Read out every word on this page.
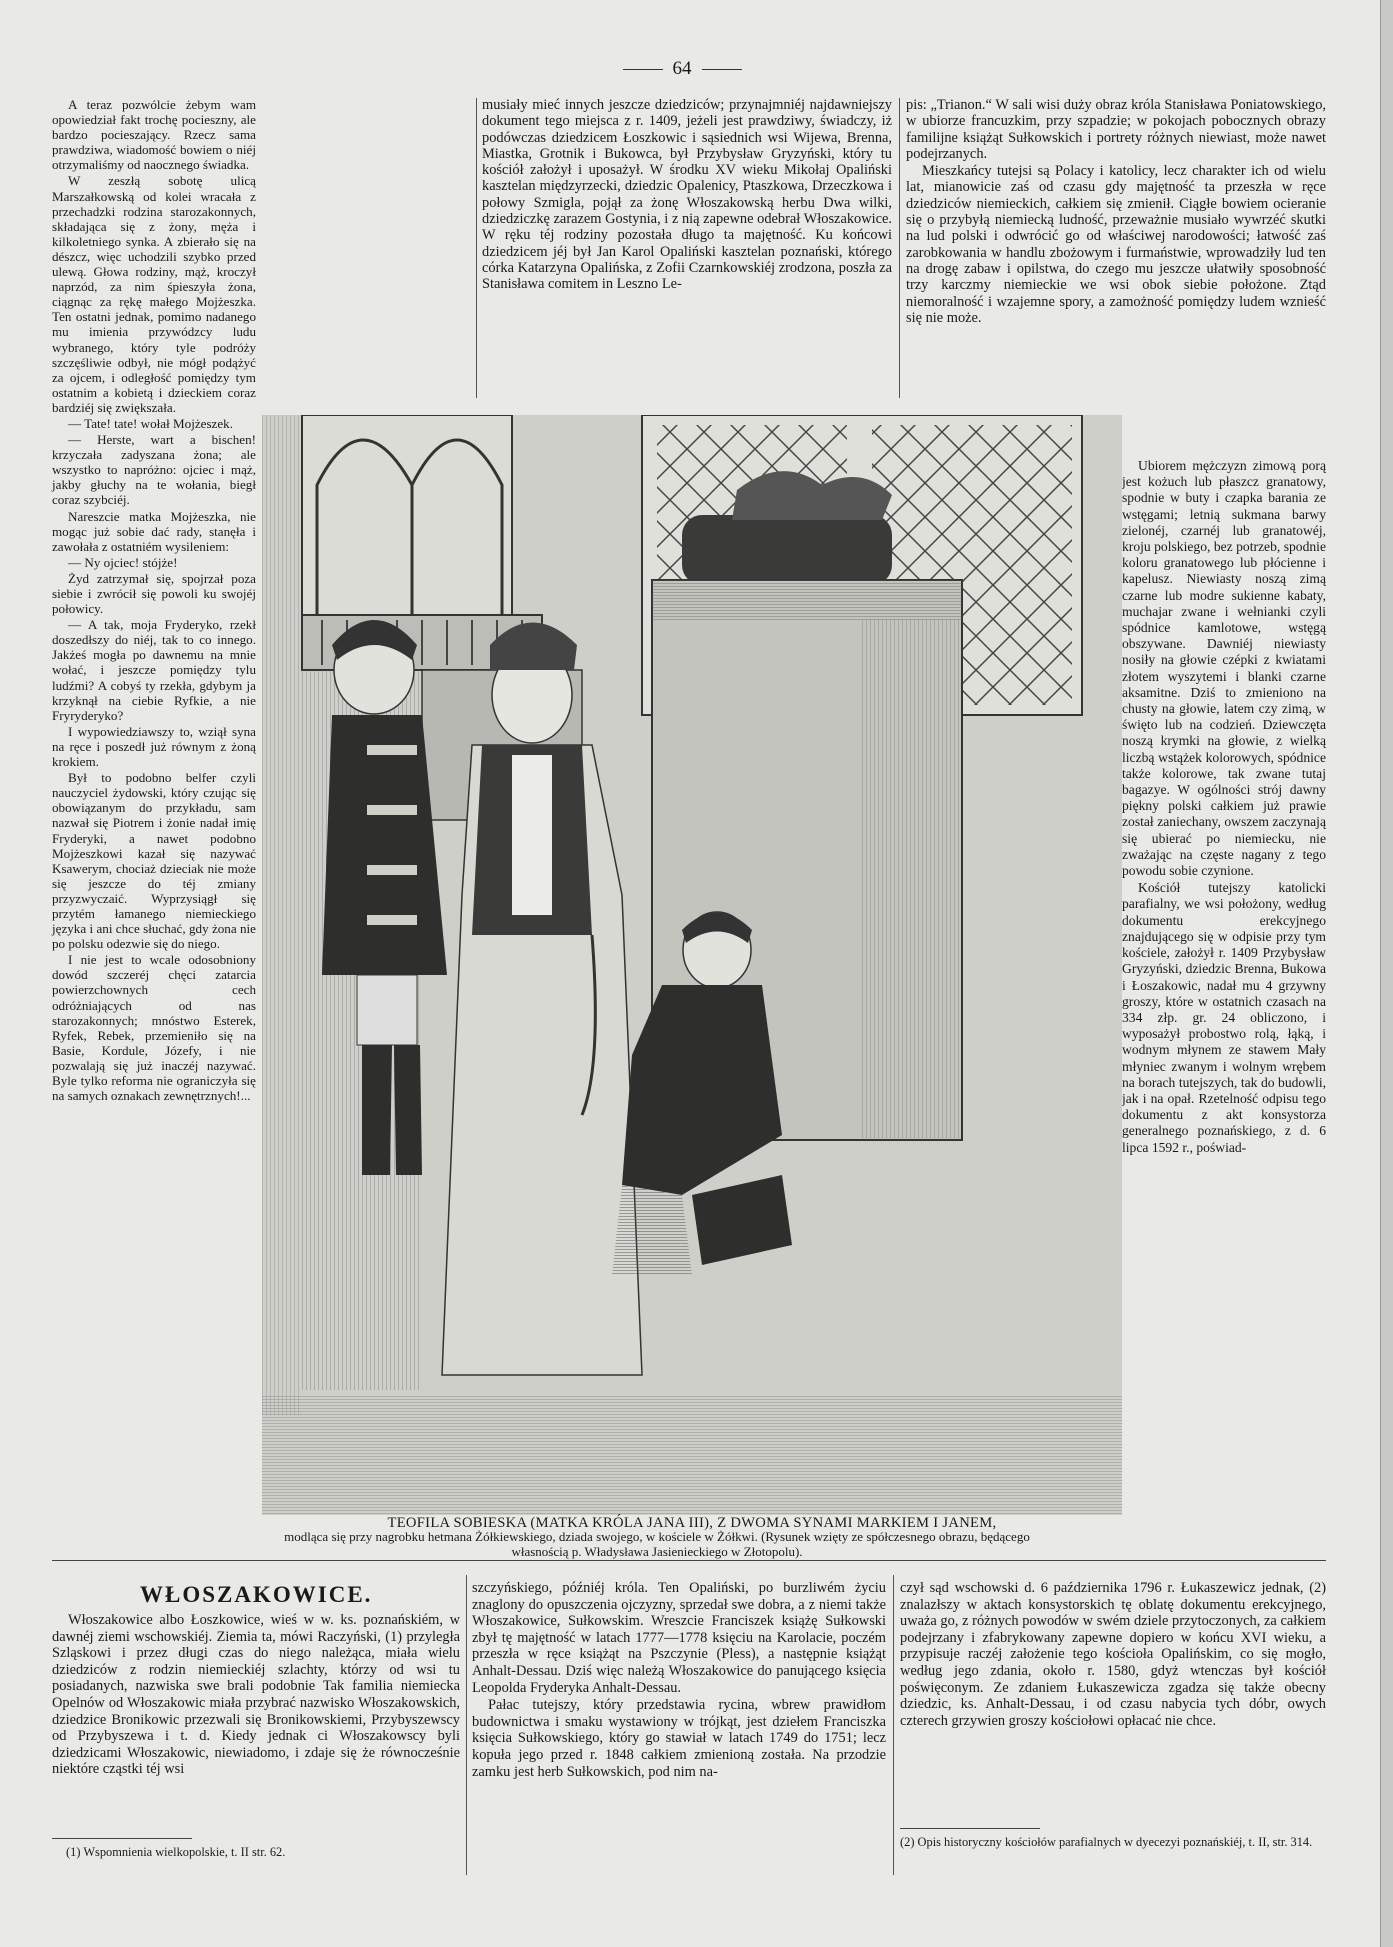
64

A teraz pozwólcie żebym wam opowiedział fakt trochę pocieszny, ale bardzo pocieszający. Rzecz sama prawdziwa, wiadomość bowiem o niéj otrzymaliśmy od naocznego świadka.

W zeszłą sobotę ulicą Marszałkowską od kolei wracała z przechadzki rodzina starozakonnych, składająca się z żony, męża i kilkoletniego synka. A zbierało się na dészcz, więc uchodzili szybko przed ulewą. Głowa rodziny, mąż, kroczył naprzód, za nim śpieszyła żona, ciągnąc za rękę małego Mojżeszka. Ten ostatni jednak, pomimo nadanego mu imienia przywódzcy ludu wybranego, który tyle podróży szczęśliwie odbył, nie mógł podążyć za ojcem, i odległość pomiędzy tym ostatnim a kobietą i dzieckiem coraz bardziéj się zwiększała.

— Tate! tate! wołał Mojżeszek.

— Herste, wart a bischen! krzyczała zadyszana żona; ale wszystko to napróżno: ojciec i mąż, jakby głuchy na te wołania, biegł coraz szybciéj.

Nareszcie matka Mojżeszka, nie mogąc już sobie dać rady, stanęła i zawołała z ostatniém wysileniem:

— Ny ojciec! stójże!

Żyd zatrzymał się, spojrzał poza siebie i zwrócił się powoli ku swojéj połowicy.

— A tak, moja Fryderyko, rzekł doszedłszy do niéj, tak to co innego. Jakżeś mogła po dawnemu na mnie wołać, i jeszcze pomiędzy tylu ludźmi? A cobyś ty rzekła, gdybym ja krzyknął na ciebie Ryfkie, a nie Fryryderyko?

I wypowiedziawszy to, wziął syna na ręce i poszedł już równym z żoną krokiem.

Był to podobno belfer czyli nauczyciel żydowski, który czując się obowiązanym do przykładu, sam nazwał się Piotrem i żonie nadał imię Fryderyki, a nawet podobno Mojżeszkowi kazał się nazywać Ksawerym, chociaż dzieciak nie może się jeszcze do téj zmiany przyzwyczaić. Wyprzysiągł się przytém łamanego niemieckiego języka i ani chce słuchać, gdy żona nie po polsku odezwie się do niego.

I nie jest to wcale odosobniony dowód szczeréj chęci zatarcia powierzchownych cech odróżniających od nas starozakonnych; mnóstwo Esterek, Ryfek, Rebek, przemieniło się na Basie, Kordule, Józefy, i nie pozwalają się już inaczéj nazywać. Byle tylko reforma nie ograniczyła się na samych oznakach zewnętrznych!...

musiały mieć innych jeszcze dziedziców; przynajmniéj najdawniejszy dokument tego miejsca z r. 1409, jeżeli jest prawdziwy, świadczy, iż podówczas dziedzicem Łoszkowic i sąsiednich wsi Wijewa, Brenna, Miastka, Grotnik i Bukowca, był Przybysław Gryzyński, który tu kościół założył i uposażył. W środku XV wieku Mikołaj Opaliński kasztelan międzyrzecki, dziedzic Opalenicy, Ptaszkowa, Drzeczkowa i połowy Szmigla, pojął za żonę Włoszakowską herbu Dwa wilki, dziedziczkę zarazem Gostynia, i z nią zapewne odebrał Włoszakowice. W ręku téj rodziny pozostała długo ta majętność. Ku końcowi dziedzicem jéj był Jan Karol Opaliński kasztelan poznański, którego córka Katarzyna Opalińska, z Zofii Czarnkowskiéj zrodzona, poszła za Stanisława comitem in Leszno Le-

pis: „Trianon.“ W sali wisi duży obraz króla Stanisława Poniatowskiego, w ubiorze francuzkim, przy szpadzie; w pokojach pobocznych obrazy familijne książąt Sułkowskich i portrety różnych niewiast, może nawet podejrzanych.

Mieszkańcy tutejsi są Polacy i katolicy, lecz charakter ich od wielu lat, mianowicie zaś od czasu gdy majętność ta przeszła w ręce dziedziców niemieckich, całkiem się zmienił. Ciągłe bowiem ocieranie się o przybyłą niemiecką ludność, przeważnie musiało wywrzéć skutki na lud polski i odwrócić go od właściwej narodowości; łatwość zaś zarobkowania w handlu zbożowym i furmaństwie, wprowadziły lud ten na drogę zabaw i opilstwa, do czego mu jeszcze ułatwiły sposobność trzy karczmy niemieckie we wsi obok siebie położone. Ztąd niemoralność i wzajemne spory, a zamożność pomiędzy ludem wznieść się nie może.

Ubiorem mężczyzn zimową porą jest kożuch lub płaszcz granatowy, spodnie w buty i czapka barania ze wstęgami; letnią sukmana barwy zielonéj, czarnéj lub granatowéj, kroju polskiego, bez potrzeb, spodnie koloru granatowego lub płócienne i kapelusz. Niewiasty noszą zimą czarne lub modre sukienne kabaty, muchajar zwane i wełnianki czyli spódnice kamlotowe, wstęgą obszywane. Dawniéj niewiasty nosiły na głowie czépki z kwiatami złotem wyszytemi i blanki czarne aksamitne. Dziś to zmieniono na chusty na głowie, latem czy zimą, w święto lub na codzień. Dziewczęta noszą krymki na głowie, z wielką liczbą wstążek kolorowych, spódnice także kolorowe, tak zwane tutaj bagazye. W ogólności strój dawny piękny polski całkiem już prawie został zaniechany, owszem zaczynają się ubierać po niemiecku, nie zważając na częste nagany z tego powodu sobie czynione.

Kościół tutejszy katolicki parafialny, we wsi położony, według dokumentu erekcyjnego znajdującego się w odpisie przy tym kościele, założył r. 1409 Przybysław Gryzyński, dziedzic Brenna, Bukowa i Łoszakowic, nadał mu 4 grzywny groszy, które w ostatnich czasach na 334 złp. gr. 24 obliczono, i wyposażył probostwo rolą, łąką, i wodnym młynem ze stawem Mały młyniec zwanym i wolnym wrębem na borach tutejszych, tak do budowli, jak i na opał. Rzetelność odpisu tego dokumentu z akt konsystorza generalnego poznańskiego, z d. 6 lipca 1592 r., poświad-

TEOFILA SOBIESKA (MATKA KRÓLA JANA III), Z DWOMA SYNAMI MARKIEM I JANEM,
modląca się przy nagrobku hetmana Żółkiewskiego, dziada swojego, w kościele w Żółkwi. (Rysunek wzięty ze spółczesnego obrazu, będącego własnością p. Władysława Jasienieckiego w Złotopolu).
WŁOSZAKOWICE.

Włoszakowice albo Łoszkowice, wieś w w. ks. poznańskiém, w dawnéj ziemi wschowskiéj. Ziemia ta, mówi Raczyński, (1) przyległa Szląskowi i przez długi czas do niego należąca, miała wielu dziedziców z rodzin niemieckiéj szlachty, którzy od wsi tu posiadanych, nazwiska swe brali podobnie Tak familia niemiecka Opelnów od Włoszakowic miała przybrać nazwisko Włoszakowskich, dziedzice Bronikowic przezwali się Bronikowskiemi, Przybyszewscy od Przybyszewa i t. d. Kiedy jednak ci Włoszakowscy byli dziedzicami Włoszakowic, niewiadomo, i zdaje się że równocześnie niektóre cząstki téj wsi

szczyńskiego, późniéj króla. Ten Opaliński, po burzliwém życiu znaglony do opuszczenia ojczyzny, sprzedał swe dobra, a z niemi także Włoszakowice, Sułkowskim. Wreszcie Franciszek książę Sułkowski zbył tę majętność w latach 1777—1778 księciu na Karolacie, poczém przeszła w ręce książąt na Pszczynie (Pless), a następnie książąt Anhalt-Dessau. Dziś więc należą Włoszakowice do panującego księcia Leopolda Fryderyka Anhalt-Dessau.

Pałac tutejszy, który przedstawia rycina, wbrew prawidłom budownictwa i smaku wystawiony w trójkąt, jest dziełem Franciszka księcia Sułkowskiego, który go stawiał w latach 1749 do 1751; lecz kopuła jego przed r. 1848 całkiem zmienioną została. Na przodzie zamku jest herb Sułkowskich, pod nim na-

czył sąd wschowski d. 6 października 1796 r. Łukaszewicz jednak, (2) znalazłszy w aktach konsystorskich tę oblatę dokumentu erekcyjnego, uważa go, z różnych powodów w swém dziele przytoczonych, za całkiem podejrzany i zfabrykowany zapewne dopiero w końcu XVI wieku, a przypisuje raczéj założenie tego kościoła Opalińskim, co się mogło, według jego zdania, około r. 1580, gdyż wtenczas był kościół poświęconym. Ze zdaniem Łukaszewicza zgadza się także obecny dziedzic, ks. Anhalt-Dessau, i od czasu nabycia tych dóbr, owych czterech grzywien groszy kościołowi opłacać nie chce.

(1) Wspomnienia wielkopolskie, t. II str. 62.
(2) Opis historyczny kościołów parafialnych w dyecezyi poznańskiéj, t. II, str. 314.
